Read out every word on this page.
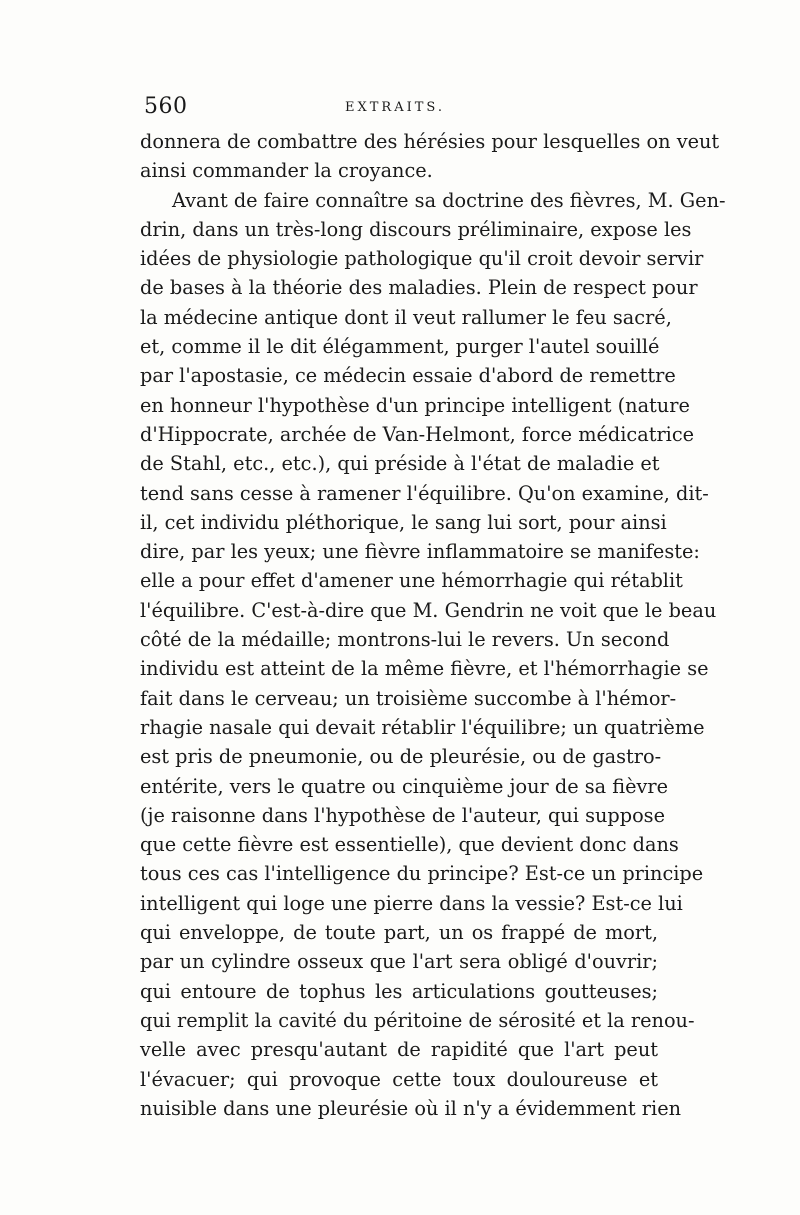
560	EXTRAITS.
donnera de combattre des hérésies pour lesquelles on veut
ainsi commander la croyance.
Avant de faire connaître sa doctrine des fièvres, M. Gen-
drin, dans un très-long discours préliminaire, expose les
idées de physiologie pathologique qu'il croit devoir servir
de bases à la théorie des maladies. Plein de respect pour
la médecine antique dont il veut rallumer le feu sacré,
et, comme il le dit élégamment, purger l'autel souillé
par l'apostasie, ce médecin essaie d'abord de remettre
en honneur l'hypothèse d'un principe intelligent (nature
d'Hippocrate, archée de Van-Helmont, force médicatrice
de Stahl, etc., etc.), qui préside à l'état de maladie et
tend sans cesse à ramener l'équilibre. Qu'on examine, dit-
il, cet individu pléthorique, le sang lui sort, pour ainsi
dire, par les yeux; une fièvre inflammatoire se manifeste:
elle a pour effet d'amener une hémorrhagie qui rétablit
l'équilibre. C'est-à-dire que M. Gendrin ne voit que le beau
côté de la médaille; montrons-lui le revers. Un second
individu est atteint de la même fièvre, et l'hémorrhagie se
fait dans le cerveau; un troisième succombe à l'hémor-
rhagie nasale qui devait rétablir l'équilibre; un quatrième
est pris de pneumonie, ou de pleurésie, ou de gastro-
entérite, vers le quatre ou cinquième jour de sa fièvre
(je raisonne dans l'hypothèse de l'auteur, qui suppose
que cette fièvre est essentielle), que devient donc dans
tous ces cas l'intelligence du principe? Est-ce un principe
intelligent qui loge une pierre dans la vessie? Est-ce lui
qui enveloppe, de toute part, un os frappé de mort,
par un cylindre osseux que l'art sera obligé d'ouvrir;
qui entoure de tophus les articulations goutteuses;
qui remplit la cavité du péritoine de sérosité et la renou-
velle avec presqu'autant de rapidité que l'art peut
l'évacuer; qui provoque cette toux douloureuse et
nuisible dans une pleurésie où il n'y a évidemment rien
